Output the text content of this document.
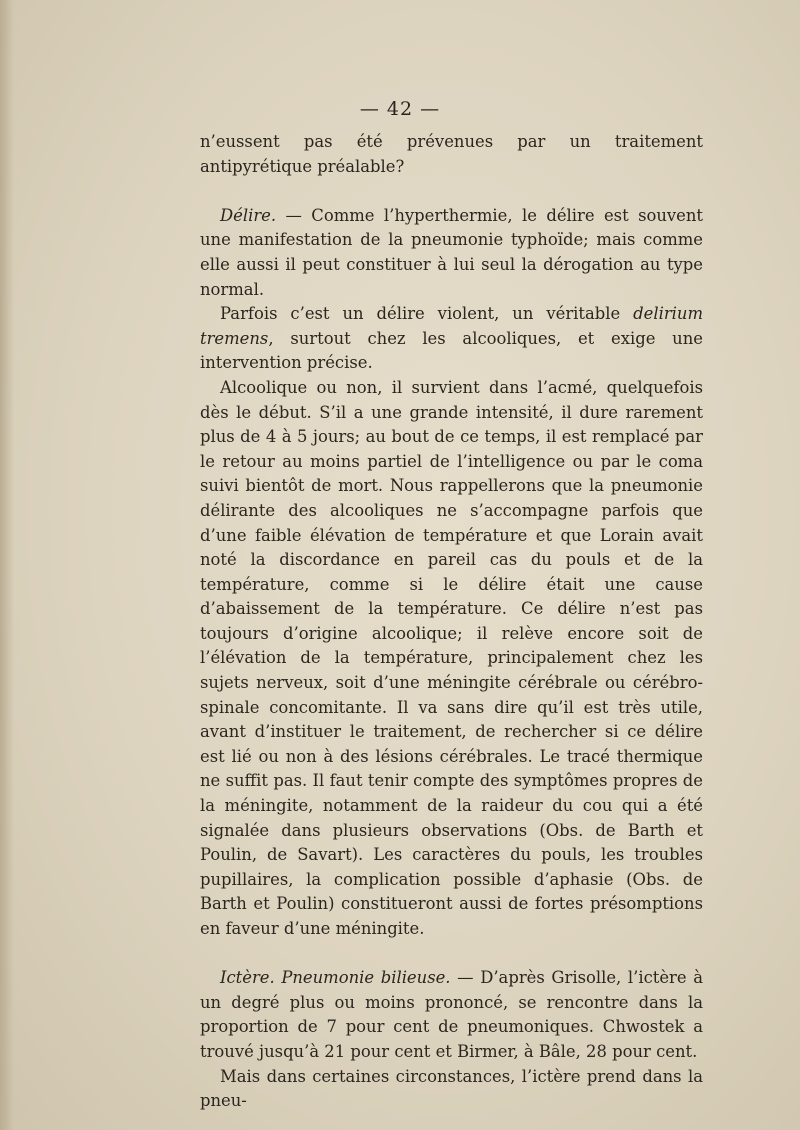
— 42 —

n’eussent pas été prévenues par un traitement antipyrétique préalable?

Délire. — Comme l’hyperthermie, le délire est souvent une manifestation de la pneumonie typhoïde; mais comme elle aussi il peut constituer à lui seul la dérogation au type normal.

Parfois c’est un délire violent, un véritable delirium tremens, surtout chez les alcooliques, et exige une intervention précise.

Alcoolique ou non, il survient dans l’acmé, quelquefois dès le début. S’il a une grande intensité, il dure rarement plus de 4 à 5 jours; au bout de ce temps, il est remplacé par le retour au moins partiel de l’intelligence ou par le coma suivi bientôt de mort. Nous rappellerons que la pneumonie délirante des alcooliques ne s’accompagne parfois que d’une faible élévation de température et que Lorain avait noté la discordance en pareil cas du pouls et de la température, comme si le délire était une cause d’abaissement de la température. Ce délire n’est pas toujours d’origine alcoolique; il relève encore soit de l’élévation de la température, principalement chez les sujets nerveux, soit d’une méningite cérébrale ou cérébro-spinale concomitante. Il va sans dire qu’il est très utile, avant d’instituer le traitement, de rechercher si ce délire est lié ou non à des lésions cérébrales. Le tracé thermique ne suffit pas. Il faut tenir compte des symptômes propres de la méningite, notamment de la raideur du cou qui a été signalée dans plusieurs observations (Obs. de Barth et Poulin, de Savart). Les caractères du pouls, les troubles pupillaires, la complication possible d’aphasie (Obs. de Barth et Poulin) constitueront aussi de fortes présomptions en faveur d’une méningite.

Ictère. Pneumonie bilieuse. — D’après Grisolle, l’ictère à un degré plus ou moins prononcé, se rencontre dans la proportion de 7 pour cent de pneumoniques. Chwostek a trouvé jusqu’à 21 pour cent et Birmer, à Bâle, 28 pour cent.

Mais dans certaines circonstances, l’ictère prend dans la pneu-
